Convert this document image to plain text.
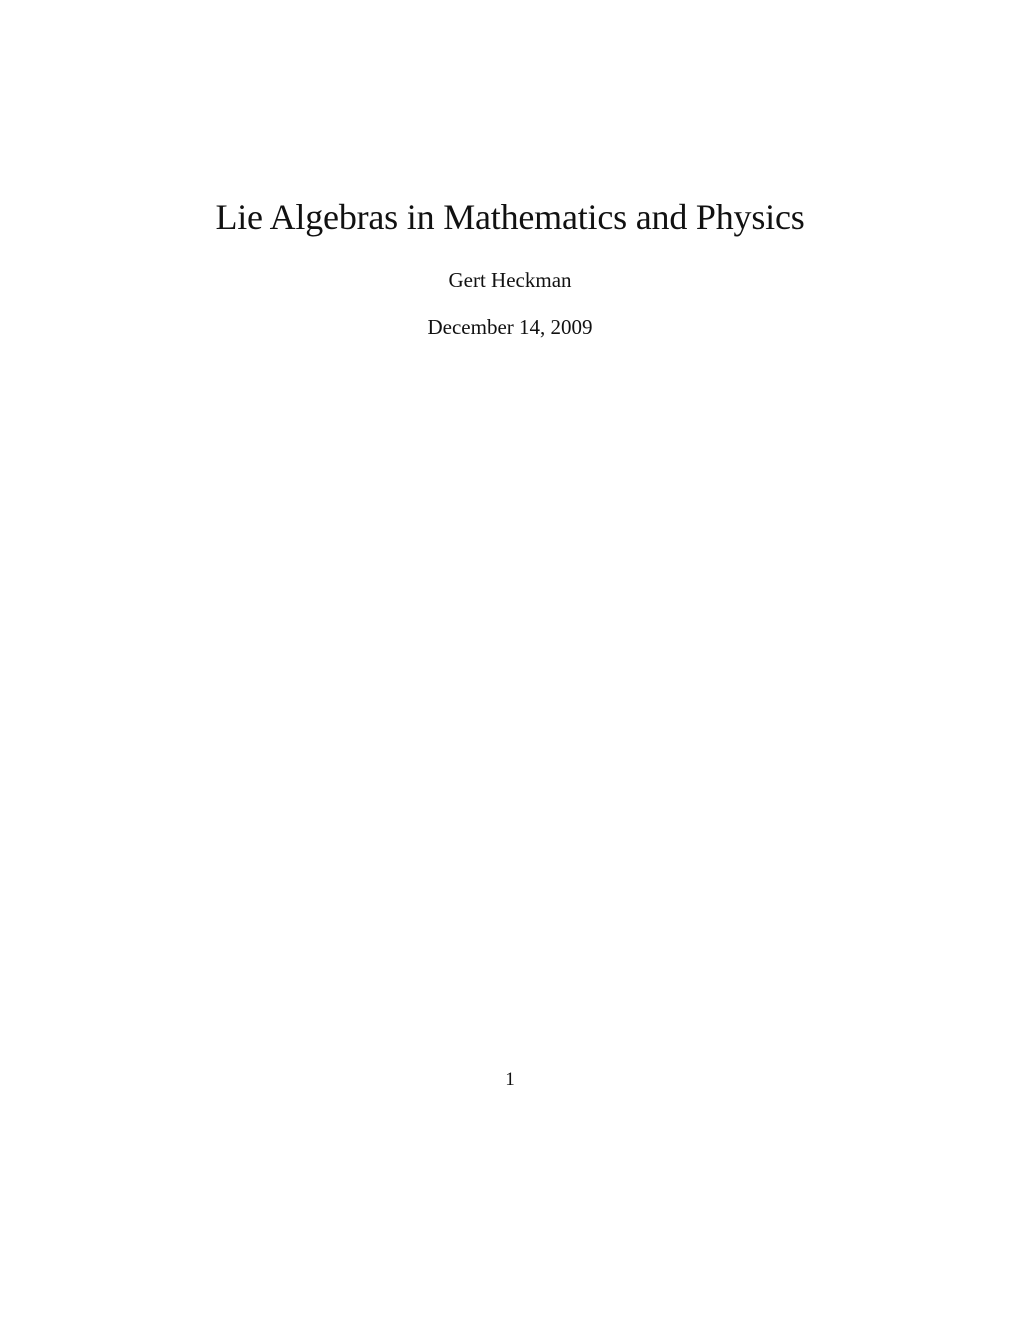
Lie Algebras in Mathematics and Physics
Gert Heckman
December 14, 2009
1
